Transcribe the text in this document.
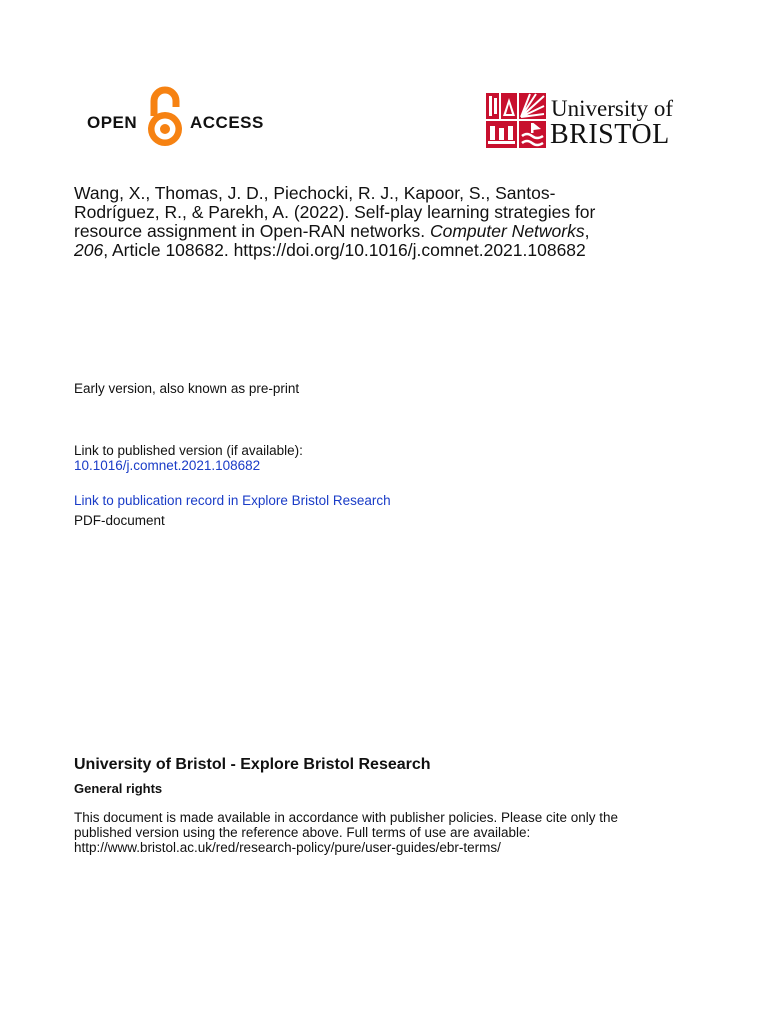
OPEN	ACCESS
University of
BRISTOL
Wang, X., Thomas, J. D., Piechocki, R. J., Kapoor, S., Santos-
Rodríguez, R., & Parekh, A. (2022). Self-play learning strategies for
resource assignment in Open-RAN networks. Computer Networks,
206, Article 108682. https://doi.org/10.1016/j.comnet.2021.108682
Early version, also known as pre-print
Link to published version (if available):
10.1016/j.comnet.2021.108682
Link to publication record in Explore Bristol Research
PDF-document
University of Bristol - Explore Bristol Research
General rights
This document is made available in accordance with publisher policies. Please cite only the
published version using the reference above. Full terms of use are available:
http://www.bristol.ac.uk/red/research-policy/pure/user-guides/ebr-terms/
